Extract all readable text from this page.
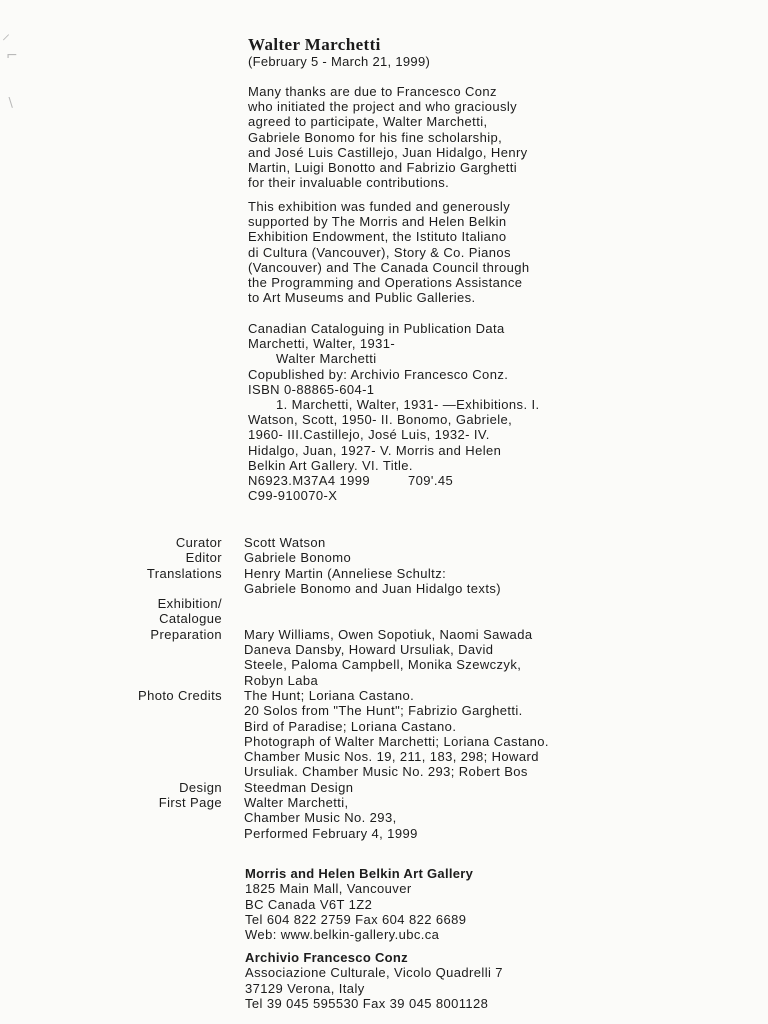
⸝
⌐
∖
Walter Marchetti
(February 5 - March 21, 1999)
Many thanks are due to Francesco Conz
who initiated the project and who graciously
agreed to participate, Walter Marchetti,
Gabriele Bonomo for his fine scholarship,
and José Luis Castillejo, Juan Hidalgo, Henry
Martin, Luigi Bonotto and Fabrizio Garghetti
for their invaluable contributions.
This exhibition was funded and generously
supported by The Morris and Helen Belkin
Exhibition Endowment, the Istituto Italiano
di Cultura (Vancouver), Story & Co. Pianos
(Vancouver) and The Canada Council through
the Programming and Operations Assistance
to Art Museums and Public Galleries.
Canadian Cataloguing in Publication Data
Marchetti, Walter, 1931-
Walter Marchetti
Copublished by: Archivio Francesco Conz.
ISBN 0-88865-604-1
1. Marchetti, Walter, 1931- —Exhibitions. I.
Watson, Scott, 1950- II. Bonomo, Gabriele,
1960- III.Castillejo, José Luis, 1932- IV.
Hidalgo, Juan, 1927- V. Morris and Helen
Belkin Art Gallery. VI. Title.
N6923.M37A4 1999	709'.45
C99-910070-X
Curator Scott Watson
Editor Gabriele Bonomo
Translations Henry Martin (Anneliese Schultz:
Gabriele Bonomo and Juan Hidalgo texts)
Exhibition/
Catalogue
Preparation Mary Williams, Owen Sopotiuk, Naomi Sawada
Daneva Dansby, Howard Ursuliak, David
Steele, Paloma Campbell, Monika Szewczyk,
Robyn Laba
Photo Credits The Hunt; Loriana Castano.
20 Solos from "The Hunt"; Fabrizio Garghetti.
Bird of Paradise; Loriana Castano.
Photograph of Walter Marchetti; Loriana Castano.
Chamber Music Nos. 19, 211, 183, 298; Howard
Ursuliak. Chamber Music No. 293; Robert Bos
Design Steedman Design
First Page Walter Marchetti,
Chamber Music No. 293,
Performed February 4, 1999
Morris and Helen Belkin Art Gallery
1825 Main Mall, Vancouver
BC Canada V6T 1Z2
Tel 604 822 2759 Fax 604 822 6689
Web: www.belkin-gallery.ubc.ca
Archivio Francesco Conz
Associazione Culturale, Vicolo Quadrelli 7
37129 Verona, Italy
Tel 39 045 595530 Fax 39 045 8001128
